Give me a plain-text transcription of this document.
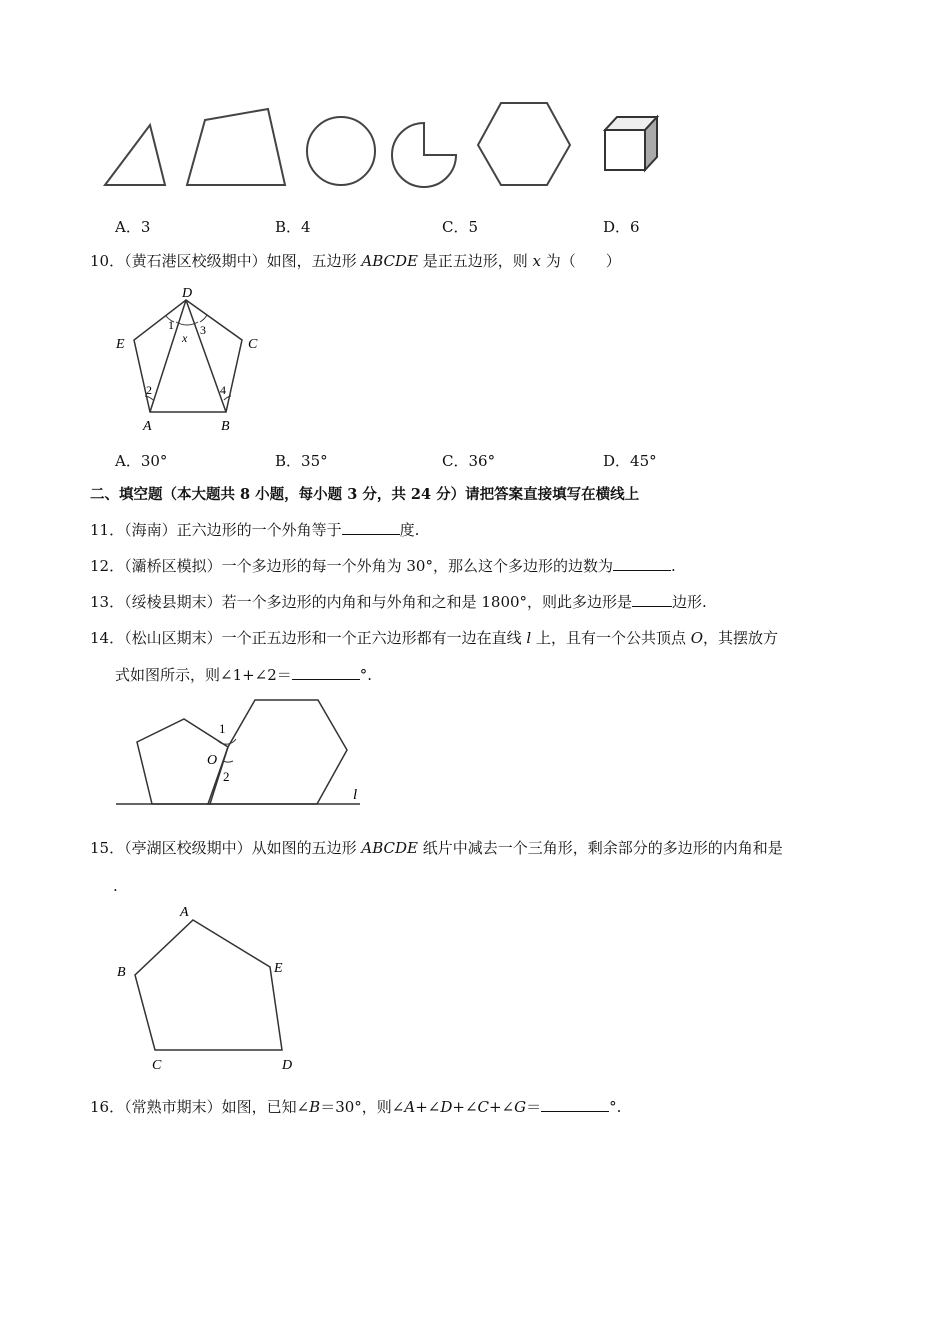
A．3	B．4	C．5	D．6
10．（黄石港区校级期中）如图，五边形 ABCDE 是正五边形，则 x 为（　　）
D
E	C
A	B
1 3
x
2	4
A．30°	B．35°	C．36°	D．45°
二、填空题（本大题共 8 小题，每小题 3 分，共 24 分）请把答案直接填写在横线上
11．（海南）正六边形的一个外角等于	度.
12．（灞桥区模拟）一个多边形的每一个外角为 30°，那么这个多边形的边数为	.
13．（绥棱县期末）若一个多边形的内角和与外角和之和是 1800°，则此多边形是	边形.
14．（松山区期末）一个正五边形和一个正六边形都有一边在直线 l 上，且有一个公共顶点 O，其摆放方
式如图所示，则∠1+∠2＝	°.
1
O
2
l
15．（亭湖区校级期中）从如图的五边形 ABCDE 纸片中减去一个三角形，剩余部分的多边形的内角和是
.
A
B	E
C	D
16．（常熟市期末）如图，已知∠B＝30°，则∠A+∠D+∠C+∠G＝	°.
